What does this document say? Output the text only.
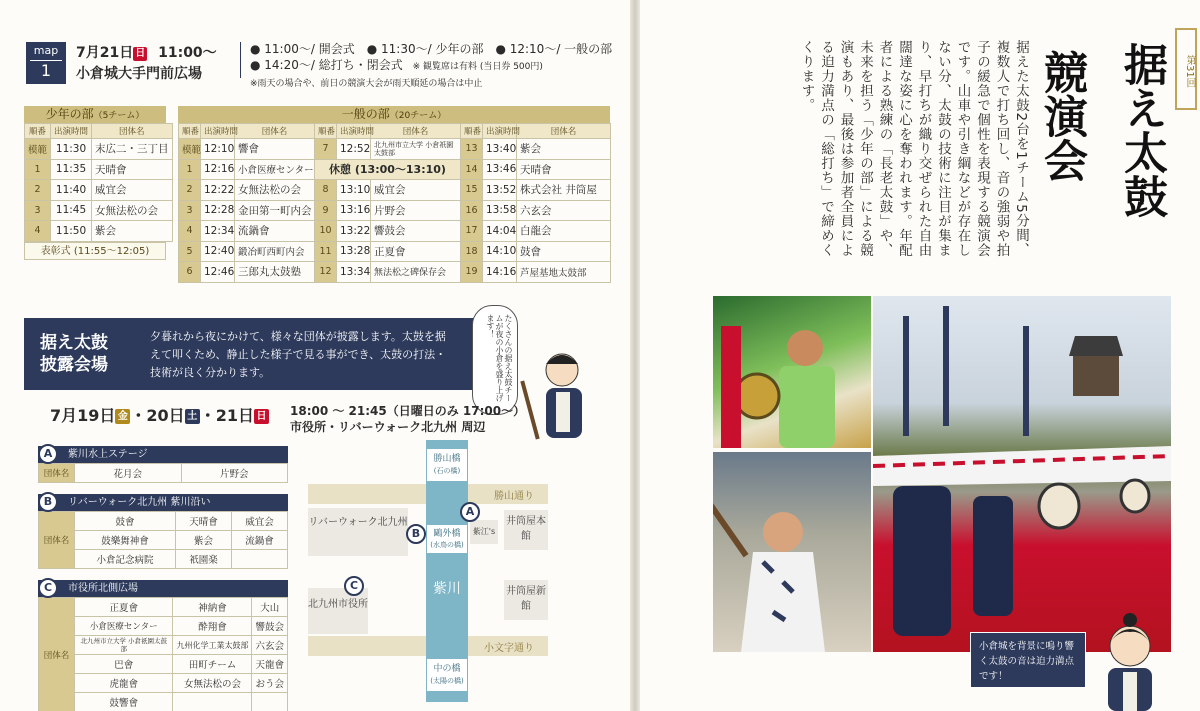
map
1
7月21日 日 11:00～
小倉城大手門前広場
● 11:00～/ 開会式　● 11:30～/ 少年の部　● 12:10～/ 一般の部
● 14:20～/ 総打ち・閉会式 ※ 観覧席は有料 (当日券 500円)
※雨天の場合や、前日の競演大会が雨天順延の場合は中止
少年の部（5チーム）
順番	出演時間	団体名
模範	11:30	末広二・三丁目
1	11:35	天晴會
2	11:40	威宜会
3	11:45	女無法松の会
4	11:50	紫会
表彰式 (11:55～12:05)
一般の部（20チーム）
順番	出演時間	団体名	順番	出演時間	団体名	順番	出演時間	団体名
模範	12:10	響會	7	12:52	北九州市立大学 小倉祇園太鼓部	13	13:40	紫会
1	12:16	小倉医療センター	休憩 (13:00～13:10)			14	13:46	天晴會
2	12:22	女無法松の会	8	13:10	威宜会	15	13:52	株式会社 井筒屋
3	12:28	金田第一町内会	9	13:16	片野会	16	13:58	六玄会
4	12:34	流鍋會	10	13:22	響鼓会	17	14:04	白龍会
5	12:40	鍛冶町西町内会	11	13:28	正夏會	18	14:10	鼓會
6	12:46	三郎丸太鼓塾	12	13:34	無法松之碑保存会	19	14:16	芦屋基地太鼓部
据え太鼓
披露会場
夕暮れから夜にかけて、様々な団体が披露します。太鼓を据えて叩くため、静止した様子で見る事ができ、太鼓の打法・技術が良く分かります。	たくさんの据え太鼓チームが夜の小倉を盛り上げます！
7月19日 金 ・20日 土 ・21日 日 18:00 ～ 21:45（日曜日のみ 17:00～）
市役所・リバーウォーク北九州 周辺
紫川水上ステージ
A
団体名	花月会	片野会
リバーウォーク北九州 紫川沿い
B
団体名	鼓會	天晴會	威宜会
	鼓樂舞神會	紫会	流鍋會
	小倉記念病院	祇園楽	
市役所北側広場
C
団体名	正夏會	神納會	大山
	小倉医療センター	酔翔會	響鼓会
	北九州市立大学 小倉祇園太鼓部	九州化学工業太鼓部	六玄会
	巴會	田町チーム	天龍會
	虎龍會	女無法松の会	おう会
	鼓響會		
勝山橋
(石の橋)
勝山通り
リバーウォーク北九州
鷗外橋
(水鳥の橋)
紫江's
井筒屋本館
紫川	井筒屋新館
北九州市役所
小文字通り
中の橋
(太陽の橋)
A
B
C
第31回
据え太鼓
競演会
据えた太鼓2台を1チーム5分間、複数人で打ち回し、音の強弱や拍子の緩急で個性を表現する競演会です。山車や引き綱などが存在しない分、太鼓の技術に注目が集まり、早打ちが織り交ぜられた自由闊達な姿に心を奪われます。年配者による熟練の「長老太鼓」や、未来を担う「少年の部」による競演もあり、最後は参加者全員による迫力満点の「総打ち」で締めくくります。
小倉城を背景に鳴り響く太鼓の音は迫力満点です！
